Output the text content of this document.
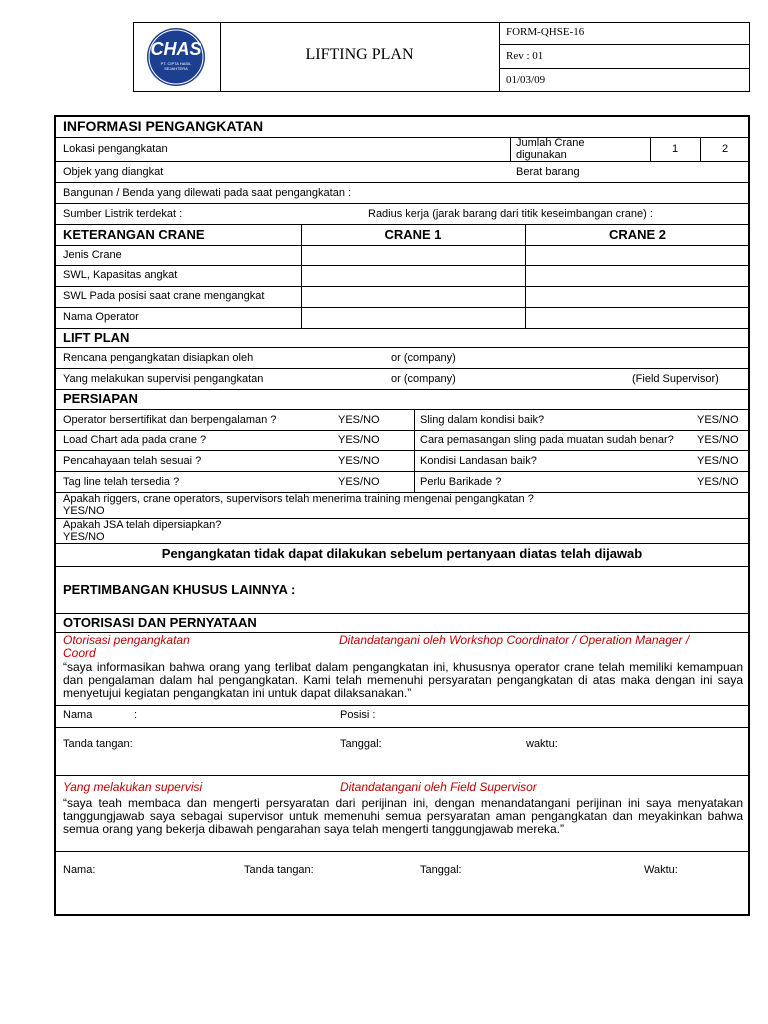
CHAS
PT. CIPTA HASIL SEJAHTERA
LIFTING PLAN
FORM-QHSE-16
Rev : 01
01/03/09
INFORMASI PENGANGKATAN
Lokasi pengangkatan	Jumlah Crane digunakan	1	2
Objek yang diangkat	Berat barang
Bangunan / Benda yang dilewati pada saat pengangkatan :
Sumber Listrik terdekat :	Radius kerja (jarak barang dari titik keseimbangan crane) :
KETERANGAN CRANE	CRANE 1	CRANE 2
Jenis Crane
SWL, Kapasitas angkat
SWL Pada posisi saat crane mengangkat
Nama Operator
LIFT PLAN
Rencana pengangkatan disiapkan oleh	or (company)
Yang melakukan supervisi pengangkatan	or (company)	(Field Supervisor)
PERSIAPAN
Operator bersertifikat dan berpengalaman ?	YES/NO	Sling dalam kondisi baik?	YES/NO
Load Chart ada pada crane ?	YES/NO	Cara pemasangan sling pada muatan sudah benar? YES/NO
Pencahayaan telah sesuai ?	YES/NO	Kondisi Landasan baik?	YES/NO
Tag line telah tersedia ?	YES/NO	Perlu Barikade ?	YES/NO
Apakah riggers, crane operators, supervisors telah menerima training mengenai pengangkatan ?
YES/NO
Apakah JSA telah dipersiapkan?
YES/NO
Pengangkatan tidak dapat dilakukan sebelum pertanyaan diatas telah dijawab
PERTIMBANGAN KHUSUS LAINNYA :
OTORISASI DAN PERNYATAAN
Otorisasi pengangkatan	Ditandatangani oleh Workshop Coordinator / Operation Manager / Coord
“saya informasikan bahwa orang yang terlibat dalam pengangkatan ini, khususnya operator crane telah memiliki kemampuan dan pengalaman dalam hal pengangkatan. Kami telah memenuhi persyaratan pengangkatan di atas maka dengan ini saya menyetujui kegiatan pengangkatan ini untuk dapat dilaksanakan.”
Nama	:	Posisi :
Tanda tangan:	Tanggal:	waktu:
Yang melakukan supervisi	Ditandatangani oleh Field Supervisor
“saya teah membaca dan mengerti persyaratan dari perijinan ini, dengan menandatangani perijinan ini saya menyatakan tanggungjawab saya sebagai supervisor untuk memenuhi semua persyaratan aman pengangkatan dan meyakinkan bahwa semua orang yang bekerja dibawah pengarahan saya telah mengerti tanggungjawab mereka.”
Nama:	Tanda tangan:	Tanggal:	Waktu:
